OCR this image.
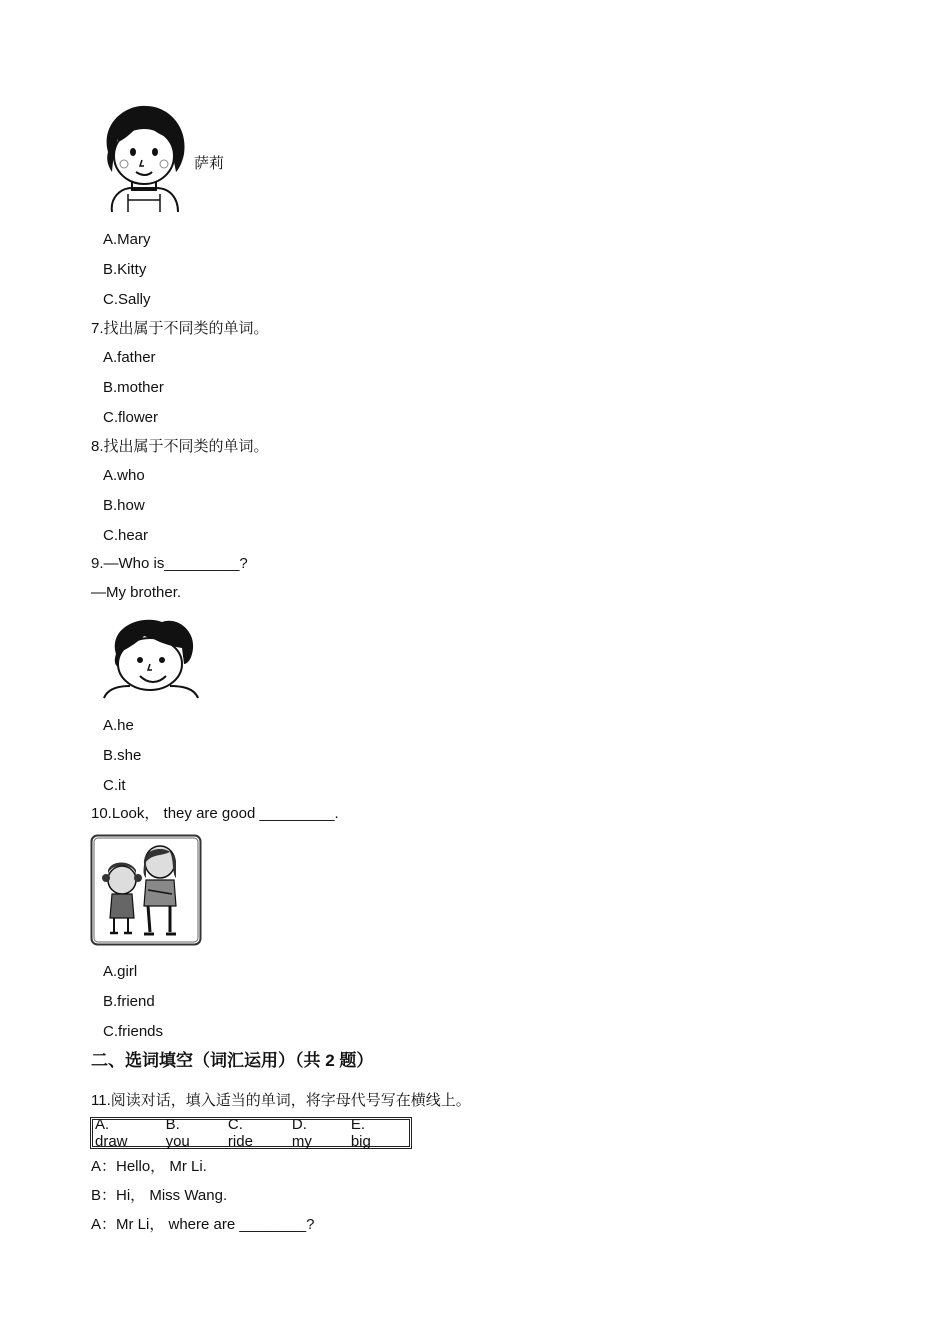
萨莉
A.Mary
B.Kitty
C.Sally
7.找出属于不同类的单词。
A.father
B.mother
C.flower
8.找出属于不同类的单词。
A.who
B.how
C.hear
9.—Who is_________?
—My brother.
A.he
B.she
C.it
10.Look， they are good _________.
A.girl
B.friend
C.friends
二、选词填空（词汇运用）（共 2 题）
11.阅读对话，填入适当的单词，将字母代号写在横线上。
A. draw
B. you
C. ride
D. my
E. big
A：Hello， Mr Li.
B：Hi， Miss Wang.
A：Mr Li， where are ________?
